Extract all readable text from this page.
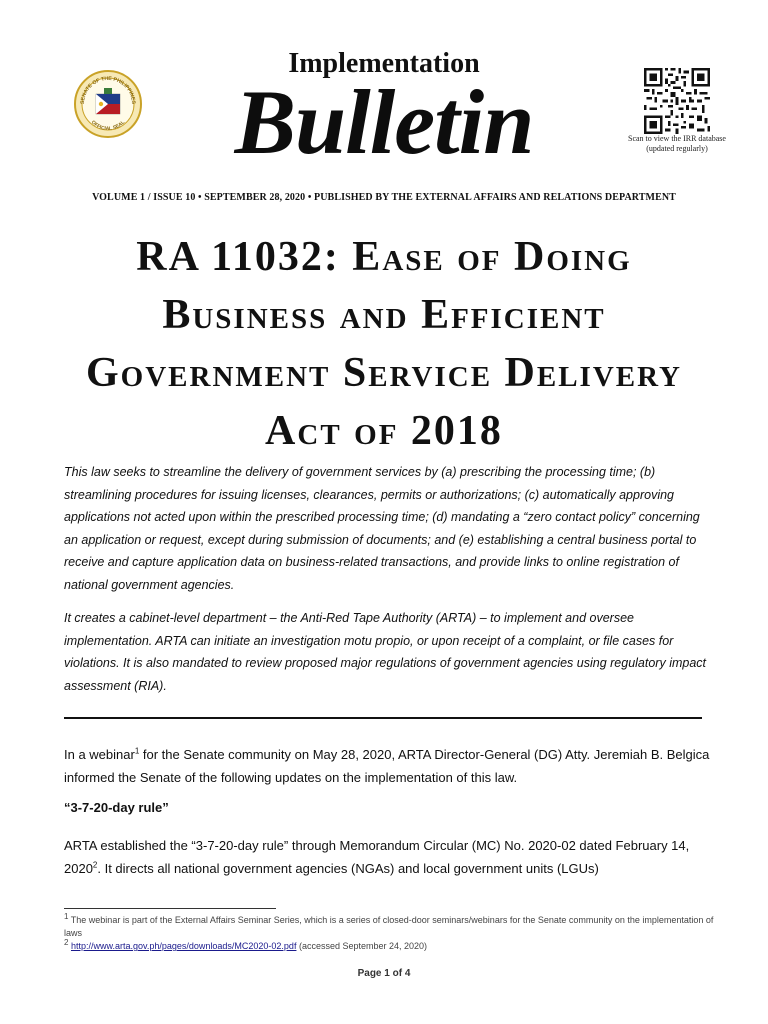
SENATE OF THE PHILIPPINES
OFFICIAL SEAL
Implementation
Bulletin	Scan to view the IRR database (updated regularly)
VOLUME 1 / ISSUE 10 • SEPTEMBER 28, 2020 • PUBLISHED BY THE EXTERNAL AFFAIRS AND RELATIONS DEPARTMENT
RA 11032: Ease of Doing Business and Efficient Government Service Delivery Act of 2018

This law seeks to streamline the delivery of government services by (a) prescribing the processing time; (b) streamlining procedures for issuing licenses, clearances, permits or authorizations; (c) automatically approving applications not acted upon within the prescribed processing time; (d) mandating a “zero contact policy” concerning an application or request, except during submission of documents; and (e) establishing a central business portal to receive and capture application data on business-related transactions, and provide links to online registration of national government agencies.

It creates a cabinet-level department – the Anti-Red Tape Authority (ARTA) – to implement and oversee implementation. ARTA can initiate an investigation motu propio, or upon receipt of a complaint, or file cases for violations. It is also mandated to review proposed major regulations of government agencies using regulatory impact assessment (RIA).

In a webinar$^1$ for the Senate community on May 28, 2020, ARTA Director-General (DG) Atty. Jeremiah B. Belgica informed the Senate of the following updates on the implementation of this law.

“3-7-20-day rule”

ARTA established the “3-7-20-day rule” through Memorandum Circular (MC) No. 2020-02 dated February 14, 2020$^2$. It directs all national government agencies (NGAs) and local government units (LGUs)

$^1$ The webinar is part of the External Affairs Seminar Series, which is a series of closed-door seminars/webinars for the Senate community on the implementation of laws

$^2$ http://www.arta.gov.ph/pages/downloads/MC2020-02.pdf (accessed September 24, 2020)

Page 1 of 4
